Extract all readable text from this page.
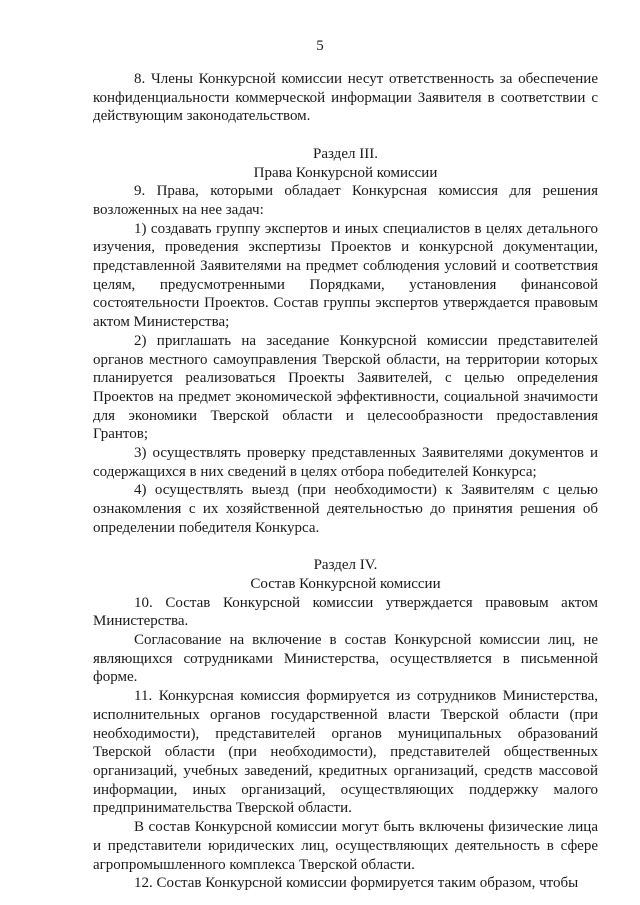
5

8. Члены Конкурсной комиссии несут ответственность за обеспечение конфиденциальности коммерческой информации Заявителя в соответствии с действующим законодательством.

Раздел III.

Права Конкурсной комиссии

9. Права, которыми обладает Конкурсная комиссия для решения возложенных на нее задач:

1) создавать группу экспертов и иных специалистов в целях детального изучения, проведения экспертизы Проектов и конкурсной документации, представленной Заявителями на предмет соблюдения условий и соответствия целям, предусмотренными Порядками, установления финансовой состоятельности Проектов. Состав группы экспертов утверждается правовым актом Министерства;

2) приглашать на заседание Конкурсной комиссии представителей органов местного самоуправления Тверской области, на территории которых планируется реализоваться Проекты Заявителей, с целью определения Проектов на предмет экономической эффективности, социальной значимости для экономики Тверской области и целесообразности предоставления Грантов;

3) осуществлять проверку представленных Заявителями документов и содержащихся в них сведений в целях отбора победителей Конкурса;

4) осуществлять выезд (при необходимости) к Заявителям с целью ознакомления с их хозяйственной деятельностью до принятия решения об определении победителя Конкурса.

Раздел IV.

Состав Конкурсной комиссии

10. Состав Конкурсной комиссии утверждается правовым актом Министерства.

Согласование на включение в состав Конкурсной комиссии лиц, не являющихся сотрудниками Министерства, осуществляется в письменной форме.

11. Конкурсная комиссия формируется из сотрудников Министерства, исполнительных органов государственной власти Тверской области (при необходимости), представителей органов муниципальных образований Тверской области (при необходимости), представителей общественных организаций, учебных заведений, кредитных организаций, средств массовой информации, иных организаций, осуществляющих поддержку малого предпринимательства Тверской области.

В состав Конкурсной комиссии могут быть включены физические лица и представители юридических лиц, осуществляющих деятельность в сфере агропромышленного комплекса Тверской области.

12. Состав Конкурсной комиссии формируется таким образом, чтобы
